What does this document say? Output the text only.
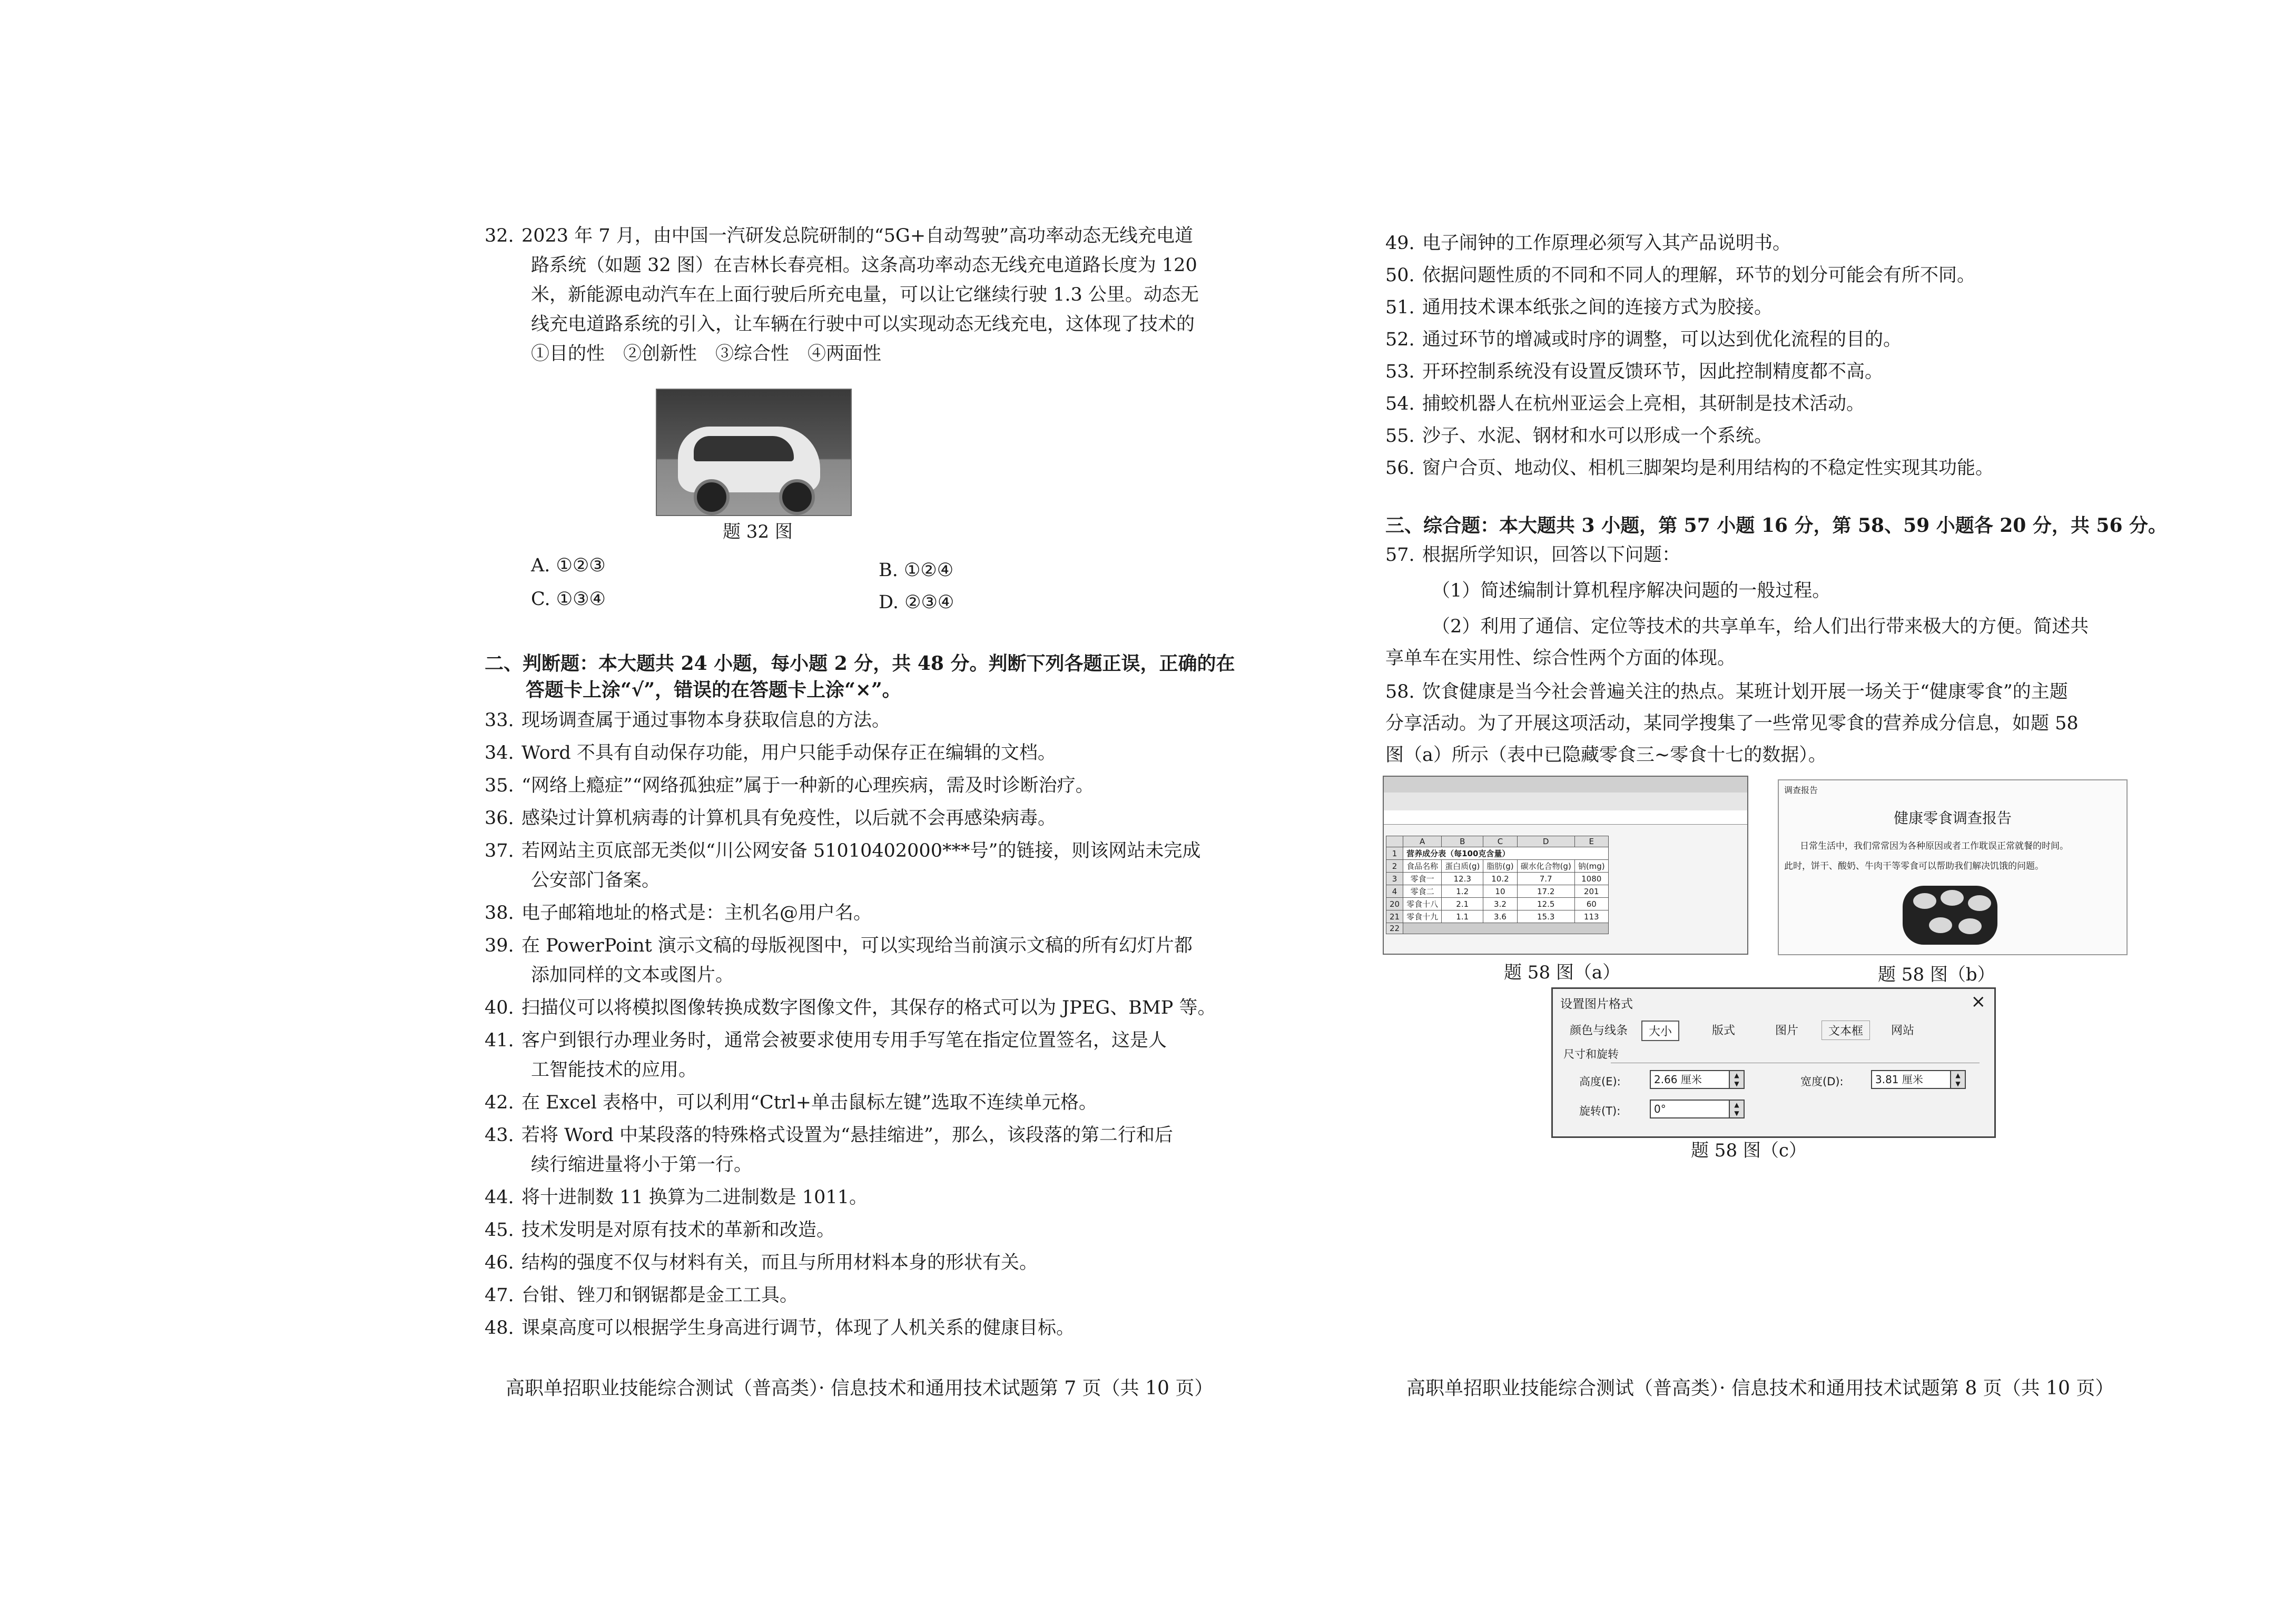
32. 2023 年 7 月，由中国一汽研发总院研制的“5G+自动驾驶”高功率动态无线充电道
路系统（如题 32 图）在吉林长春亮相。这条高功率动态无线充电道路长度为 120
米，新能源电动汽车在上面行驶后所充电量，可以让它继续行驶 1.3 公里。动态无
线充电道路系统的引入，让车辆在行驶中可以实现动态无线充电，这体现了技术的
①目的性　②创新性　③综合性　④两面性
题 32 图
A. ①②③	B. ①②④
C. ①③④	D. ②③④
二、判断题：本大题共 24 小题，每小题 2 分，共 48 分。判断下列各题正误，正确的在
答题卡上涂“√”，错误的在答题卡上涂“×”。
33. 现场调查属于通过事物本身获取信息的方法。
34. Word 不具有自动保存功能，用户只能手动保存正在编辑的文档。
35. “网络上瘾症”“网络孤独症”属于一种新的心理疾病，需及时诊断治疗。
36. 感染过计算机病毒的计算机具有免疫性，以后就不会再感染病毒。
37. 若网站主页底部无类似“川公网安备 51010402000***号”的链接，则该网站未完成
公安部门备案。
38. 电子邮箱地址的格式是：主机名@用户名。
39. 在 PowerPoint 演示文稿的母版视图中，可以实现给当前演示文稿的所有幻灯片都
添加同样的文本或图片。
40. 扫描仪可以将模拟图像转换成数字图像文件，其保存的格式可以为 JPEG、BMP 等。
41. 客户到银行办理业务时，通常会被要求使用专用手写笔在指定位置签名，这是人
工智能技术的应用。
42. 在 Excel 表格中，可以利用“Ctrl+单击鼠标左键”选取不连续单元格。
43. 若将 Word 中某段落的特殊格式设置为“悬挂缩进”，那么，该段落的第二行和后
续行缩进量将小于第一行。
44. 将十进制数 11 换算为二进制数是 1011。
45. 技术发明是对原有技术的革新和改造。
46. 结构的强度不仅与材料有关，而且与所用材料本身的形状有关。
47. 台钳、锉刀和钢锯都是金工工具。
48. 课桌高度可以根据学生身高进行调节，体现了人机关系的健康目标。
高职单招职业技能综合测试（普高类）· 信息技术和通用技术试题第 7 页（共 10 页）
49. 电子闹钟的工作原理必须写入其产品说明书。
50. 依据问题性质的不同和不同人的理解，环节的划分可能会有所不同。
51. 通用技术课本纸张之间的连接方式为胶接。
52. 通过环节的增减或时序的调整，可以达到优化流程的目的。
53. 开环控制系统没有设置反馈环节，因此控制精度都不高。
54. 捕蛟机器人在杭州亚运会上亮相，其研制是技术活动。
55. 沙子、水泥、钢材和水可以形成一个系统。
56. 窗户合页、地动仪、相机三脚架均是利用结构的不稳定性实现其功能。
三、综合题：本大题共 3 小题，第 57 小题 16 分，第 58、59 小题各 20 分，共 56 分。
57. 根据所学知识，回答以下问题：
（1）简述编制计算机程序解决问题的一般过程。
（2）利用了通信、定位等技术的共享单车，给人们出行带来极大的方便。简述共
享单车在实用性、综合性两个方面的体现。
58. 饮食健康是当今社会普遍关注的热点。某班计划开展一场关于“健康零食”的主题
分享活动。为了开展这项活动，某同学搜集了一些常见零食的营养成分信息，如题 58
图（a）所示（表中已隐藏零食三~零食十七的数据）。
题 58 图（a）	题 58 图（b）
题 58 图（c）
高职单招职业技能综合测试（普高类）· 信息技术和通用技术试题第 8 页（共 10 页）
	A	B	C	D	E
1	营养成分表（每100克含量）				
2	食品名称	蛋白质(g)	脂肪(g)	碳水化合物(g)	钠(mg)
3	零食一	12.3	10.2	7.7	1080
4	零食二	1.2	10	17.2	201
20	零食十八	2.1	3.2	12.5	60
21	零食十九	1.1	3.6	15.3	113
22					
调查报告
健康零食调查报告
日常生活中，我们常常因为各种原因或者工作耽误正常就餐的时间。
此时，饼干、酸奶、牛肉干等零食可以帮助我们解决饥饿的问题。
设置图片格式	×
颜色与线条	大小	版式	图片	文本框	网站
尺寸和旋转
高度(E):	2.66 厘米	▲
▼	宽度(D):	3.81 厘米	▲
▼
旋转(T):	0°	▲
▼
